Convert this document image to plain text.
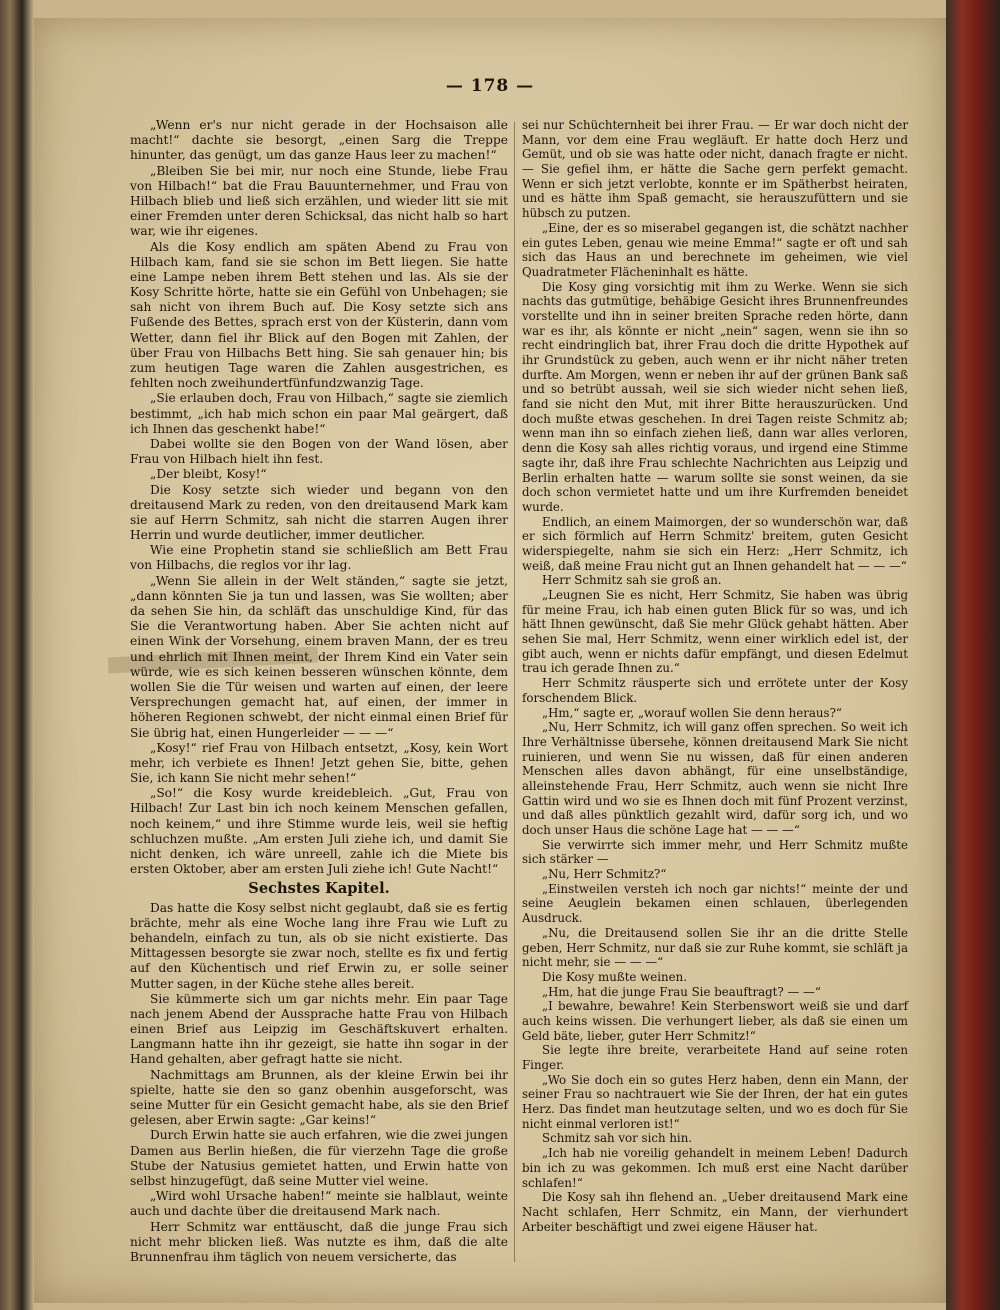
— 178 —

„Wenn er's nur nicht gerade in der Hochsaison alle macht!“ dachte sie besorgt, „einen Sarg die Treppe hinunter, das genügt, um das ganze Haus leer zu machen!“

„Bleiben Sie bei mir, nur noch eine Stunde, liebe Frau von Hilbach!“ bat die Frau Bauunternehmer, und Frau von Hilbach blieb und ließ sich erzählen, und wieder litt sie mit einer Fremden unter deren Schicksal, das nicht halb so hart war, wie ihr eigenes.

Als die Kosy endlich am späten Abend zu Frau von Hilbach kam, fand sie sie schon im Bett liegen. Sie hatte eine Lampe neben ihrem Bett stehen und las. Als sie der Kosy Schritte hörte, hatte sie ein Gefühl von Unbehagen; sie sah nicht von ihrem Buch auf. Die Kosy setzte sich ans Fußende des Bettes, sprach erst von der Küsterin, dann vom Wetter, dann fiel ihr Blick auf den Bogen mit Zahlen, der über Frau von Hilbachs Bett hing. Sie sah genauer hin; bis zum heutigen Tage waren die Zahlen ausgestrichen, es fehlten noch zweihundertfünfundzwanzig Tage.

„Sie erlauben doch, Frau von Hilbach,“ sagte sie ziemlich bestimmt, „ich hab mich schon ein paar Mal geärgert, daß ich Ihnen das geschenkt habe!“

Dabei wollte sie den Bogen von der Wand lösen, aber Frau von Hilbach hielt ihn fest.

„Der bleibt, Kosy!“

Die Kosy setzte sich wieder und begann von den dreitausend Mark zu reden, von den dreitausend Mark kam sie auf Herrn Schmitz, sah nicht die starren Augen ihrer Herrin und wurde deutlicher, immer deutlicher.

Wie eine Prophetin stand sie schließlich am Bett Frau von Hilbachs, die reglos vor ihr lag.

„Wenn Sie allein in der Welt ständen,“ sagte sie jetzt, „dann könnten Sie ja tun und lassen, was Sie wollten; aber da sehen Sie hin, da schläft das unschuldige Kind, für das Sie die Verantwortung haben. Aber Sie achten nicht auf einen Wink der Vorsehung, einem braven Mann, der es treu und ehrlich mit Ihnen meint, der Ihrem Kind ein Vater sein würde, wie es sich keinen besseren wünschen könnte, dem wollen Sie die Tür weisen und warten auf einen, der leere Versprechungen gemacht hat, auf einen, der immer in höheren Regionen schwebt, der nicht einmal einen Brief für Sie übrig hat, einen Hungerleider — — —“

„Kosy!“ rief Frau von Hilbach entsetzt, „Kosy, kein Wort mehr, ich verbiete es Ihnen! Jetzt gehen Sie, bitte, gehen Sie, ich kann Sie nicht mehr sehen!“

„So!“ die Kosy wurde kreidebleich. „Gut, Frau von Hilbach! Zur Last bin ich noch keinem Menschen gefallen, noch keinem,“ und ihre Stimme wurde leis, weil sie heftig schluchzen mußte. „Am ersten Juli ziehe ich, und damit Sie nicht denken, ich wäre unreell, zahle ich die Miete bis ersten Oktober, aber am ersten Juli ziehe ich! Gute Nacht!“

Sechstes Kapitel.

Das hatte die Kosy selbst nicht geglaubt, daß sie es fertig brächte, mehr als eine Woche lang ihre Frau wie Luft zu behandeln, einfach zu tun, als ob sie nicht existierte. Das Mittagessen besorgte sie zwar noch, stellte es fix und fertig auf den Küchentisch und rief Erwin zu, er solle seiner Mutter sagen, in der Küche stehe alles bereit.

Sie kümmerte sich um gar nichts mehr. Ein paar Tage nach jenem Abend der Aussprache hatte Frau von Hilbach einen Brief aus Leipzig im Geschäftskuvert erhalten. Langmann hatte ihn ihr gezeigt, sie hatte ihn sogar in der Hand gehalten, aber gefragt hatte sie nicht.

Nachmittags am Brunnen, als der kleine Erwin bei ihr spielte, hatte sie den so ganz obenhin ausgeforscht, was seine Mutter für ein Gesicht gemacht habe, als sie den Brief gelesen, aber Erwin sagte: „Gar keins!“

Durch Erwin hatte sie auch erfahren, wie die zwei jungen Damen aus Berlin hießen, die für vierzehn Tage die große Stube der Natusius gemietet hatten, und Erwin hatte von selbst hinzugefügt, daß seine Mutter viel weine.

„Wird wohl Ursache haben!“ meinte sie halblaut, weinte auch und dachte über die dreitausend Mark nach.

Herr Schmitz war enttäuscht, daß die junge Frau sich nicht mehr blicken ließ. Was nutzte es ihm, daß die alte Brunnenfrau ihm täglich von neuem versicherte, das

sei nur Schüchternheit bei ihrer Frau. — Er war doch nicht der Mann, vor dem eine Frau wegläuft. Er hatte doch Herz und Gemüt, und ob sie was hatte oder nicht, danach fragte er nicht. — Sie gefiel ihm, er hätte die Sache gern perfekt gemacht. Wenn er sich jetzt verlobte, konnte er im Spätherbst heiraten, und es hätte ihm Spaß gemacht, sie herauszufüttern und sie hübsch zu putzen.

„Eine, der es so miserabel gegangen ist, die schätzt nachher ein gutes Leben, genau wie meine Emma!“ sagte er oft und sah sich das Haus an und berechnete im geheimen, wie viel Quadratmeter Flächeninhalt es hätte.

Die Kosy ging vorsichtig mit ihm zu Werke. Wenn sie sich nachts das gutmütige, behäbige Gesicht ihres Brunnenfreundes vorstellte und ihn in seiner breiten Sprache reden hörte, dann war es ihr, als könnte er nicht „nein“ sagen, wenn sie ihn so recht eindringlich bat, ihrer Frau doch die dritte Hypothek auf ihr Grundstück zu geben, auch wenn er ihr nicht näher treten durfte. Am Morgen, wenn er neben ihr auf der grünen Bank saß und so betrübt aussah, weil sie sich wieder nicht sehen ließ, fand sie nicht den Mut, mit ihrer Bitte herauszurücken. Und doch mußte etwas geschehen. In drei Tagen reiste Schmitz ab; wenn man ihn so einfach ziehen ließ, dann war alles verloren, denn die Kosy sah alles richtig voraus, und irgend eine Stimme sagte ihr, daß ihre Frau schlechte Nachrichten aus Leipzig und Berlin erhalten hatte — warum sollte sie sonst weinen, da sie doch schon vermietet hatte und um ihre Kurfremden beneidet wurde.

Endlich, an einem Maimorgen, der so wunderschön war, daß er sich förmlich auf Herrn Schmitz' breitem, guten Gesicht widerspiegelte, nahm sie sich ein Herz: „Herr Schmitz, ich weiß, daß meine Frau nicht gut an Ihnen gehandelt hat — — —“

Herr Schmitz sah sie groß an.

„Leugnen Sie es nicht, Herr Schmitz, Sie haben was übrig für meine Frau, ich hab einen guten Blick für so was, und ich hätt Ihnen gewünscht, daß Sie mehr Glück gehabt hätten. Aber sehen Sie mal, Herr Schmitz, wenn einer wirklich edel ist, der gibt auch, wenn er nichts dafür empfängt, und diesen Edelmut trau ich gerade Ihnen zu.“

Herr Schmitz räusperte sich und errötete unter der Kosy forschendem Blick.

„Hm,“ sagte er, „worauf wollen Sie denn heraus?“

„Nu, Herr Schmitz, ich will ganz offen sprechen. So weit ich Ihre Verhältnisse übersehe, können dreitausend Mark Sie nicht ruinieren, und wenn Sie nu wissen, daß für einen anderen Menschen alles davon abhängt, für eine unselbständige, alleinstehende Frau, Herr Schmitz, auch wenn sie nicht Ihre Gattin wird und wo sie es Ihnen doch mit fünf Prozent verzinst, und daß alles pünktlich gezahlt wird, dafür sorg ich, und wo doch unser Haus die schöne Lage hat — — —“

Sie verwirrte sich immer mehr, und Herr Schmitz mußte sich stärker —

„Nu, Herr Schmitz?“

„Einstweilen versteh ich noch gar nichts!“ meinte der und seine Aeuglein bekamen einen schlauen, überlegenden Ausdruck.

„Nu, die Dreitausend sollen Sie ihr an die dritte Stelle geben, Herr Schmitz, nur daß sie zur Ruhe kommt, sie schläft ja nicht mehr, sie — — —“

Die Kosy mußte weinen.

„Hm, hat die junge Frau Sie beauftragt? — —“

„I bewahre, bewahre! Kein Sterbenswort weiß sie und darf auch keins wissen. Die verhungert lieber, als daß sie einen um Geld bäte, lieber, guter Herr Schmitz!“

Sie legte ihre breite, verarbeitete Hand auf seine roten Finger.

„Wo Sie doch ein so gutes Herz haben, denn ein Mann, der seiner Frau so nachtrauert wie Sie der Ihren, der hat ein gutes Herz. Das findet man heutzutage selten, und wo es doch für Sie nicht einmal verloren ist!“

Schmitz sah vor sich hin.

„Ich hab nie voreilig gehandelt in meinem Leben! Dadurch bin ich zu was gekommen. Ich muß erst eine Nacht darüber schlafen!“

Die Kosy sah ihn flehend an. „Ueber dreitausend Mark eine Nacht schlafen, Herr Schmitz, ein Mann, der vierhundert Arbeiter beschäftigt und zwei eigene Häuser hat.
